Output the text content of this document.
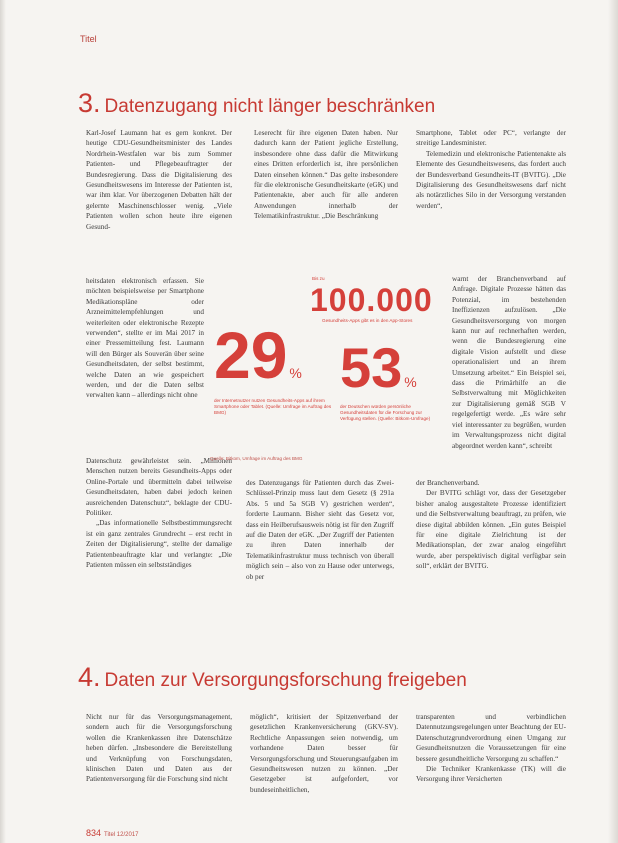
Titel
3. Datenzugang nicht länger beschränken

Karl-Josef Laumann hat es gern konkret. Der heutige CDU-Gesundheitsminister des Landes Nordrhein-Westfalen war bis zum Sommer Patienten- und Pflegebeauftragter der Bundesregierung. Dass die Digitalisierung des Gesundheitswesens im Interesse der Patienten ist, war ihm klar. Vor überzogenen Debatten hält der gelernte Maschinenschlosser wenig. „Viele Patienten wollen schon heute ihre eigenen Gesund-

heitsdaten elektronisch erfassen. Sie möchten beispielsweise per Smartphone Medikationspläne oder Arzneimittelempfehlungen und weiterleiten oder elektronische Rezepte verwenden“, stellte er im Mai 2017 in einer Pressemitteilung fest. Laumann will den Bürger als Souverän über seine Gesundheitsdaten, der selbst bestimmt, welche Daten an wie gespeichert werden, und der die Daten selbst verwalten kann – allerdings nicht ohne

Datenschutz gewährleistet sein. „Millionen Menschen nutzen bereits Gesundheits-Apps oder Online-Portale und übermitteln dabei teilweise Gesundheitsdaten, haben dabei jedoch keinen ausreichenden Datenschutz“, beklagte der CDU-Politiker.

„Das informationelle Selbstbestimmungsrecht ist ein ganz zentrales Grundrecht – erst recht in Zeiten der Digitalisierung“, stellte der damalige Patientenbeauftragte klar und verlangte: „Die Patienten müssen ein selbstständiges

Leserecht für ihre eigenen Daten haben. Nur dadurch kann der Patient jegliche Erstellung, insbesondere ohne dass dafür die Mitwirkung eines Dritten erforderlich ist, ihre persönlichen Daten einsehen können.“ Das gelte insbesondere für die elektronische Gesundheitskarte (eGK) und Patientenakte, aber auch für alle anderen Anwendungen innerhalb der Telematikinfrastruktur. „Die Beschränkung

des Datenzugangs für Patienten durch das Zwei-Schlüssel-Prinzip muss laut dem Gesetz (§ 291a Abs. 5 und 5a SGB V) gestrichen werden“, forderte Laumann. Bisher sieht das Gesetz vor, dass ein Heilberufsausweis nötig ist für den Zugriff auf die Daten der eGK. „Der Zugriff der Patienten zu ihren Daten innerhalb der Telematikinfrastruktur muss technisch von überall möglich sein – also von zu Hause oder unterwegs, ob per

Smartphone, Tablet oder PC“, verlangte der streitige Landesminister.

Telemedizin und elektronische Patientenakte als Elemente des Gesundheitswesens, das fordert auch der Bundesverband Gesundheits-IT (BVITG). „Die Digitalisierung des Gesundheitswesens darf nicht als notärztliches Silo in der Versorgung verstanden werden“,

warnt der Branchenverband auf Anfrage. Digitale Prozesse hätten das Potenzial, im bestehenden Ineffizienzen aufzulösen. „Die Gesundheitsversorgung von morgen kann nur auf rechnerhaften werden, wenn die Bundesregierung eine digitale Vision aufstellt und diese operationalisiert und an ihrem Umsetzung arbeitet.“ Ein Beispiel sei, dass die Primärhilfe an die Selbstverwaltung mit Möglichkeiten zur Digitalisierung gemäß SGB V regelgefertigt werde. „Es wäre sehr viel interessanter zu begrüßen, wurden im Verwaltungsprozess nicht digital abgeordnet werden kann“, schreibt

der Branchenverband.

Der BVITG schlägt vor, dass der Gesetzgeber bisher analog ausgestaltete Prozesse identifiziert und die Selbstverwaltung beauftragt, zu prüfen, wie diese digital abbilden können. „Ein gutes Beispiel für eine digitale Zielrichtung ist der Medikationsplan, der zwar analog eingeführt wurde, aber perspektivisch digital verfügbar sein soll“, erklärt der BVITG.

Bis zu
100.000
Gesundheits-Apps gibt es in den App-Stores
29 %
der Internetnutzer nutzen Gesundheits-Apps auf ihrem Smartphone oder Tablet. (Quelle: Umfrage im Auftrag des BMG)
53 %
der Deutschen würden persönliche Gesundheitsdaten für die Forschung zur Verfügung stellen. (Quelle: Bitkom-Umfrage)
Quelle: Bitkom, Umfrage im Auftrag des BMG
4. Daten zur Versorgungsforschung freigeben

Nicht nur für das Versorgungsmanagement, sondern auch für die Versorgungsforschung wollen die Krankenkassen ihre Datenschätze heben dürfen. „Insbesondere die Bereitstellung und Verknüpfung von Forschungsdaten, klinischen Daten und Daten aus der Patientenversorgung für die Forschung sind nicht

möglich“, kritisiert der Spitzenverband der gesetzlichen Krankenversicherung (GKV-SV). Rechtliche Anpassungen seien notwendig, um vorhandene Daten besser für Versorgungsforschung und Steuerungsaufgaben im Gesundheitswesen nutzen zu können. „Der Gesetzgeber ist aufgefordert, vor bundeseinheitlichen,

transparenten und verbindlichen Datennutzungsregelungen unter Beachtung der EU-Datenschutzgrundverordnung einen Umgang zur Gesundheitsnutzen die Voraussetzungen für eine bessere gesundheitliche Versorgung zu schaffen.“

Die Techniker Krankenkasse (TK) will die Versorgung ihrer Versicherten

834 Titel 12/2017
